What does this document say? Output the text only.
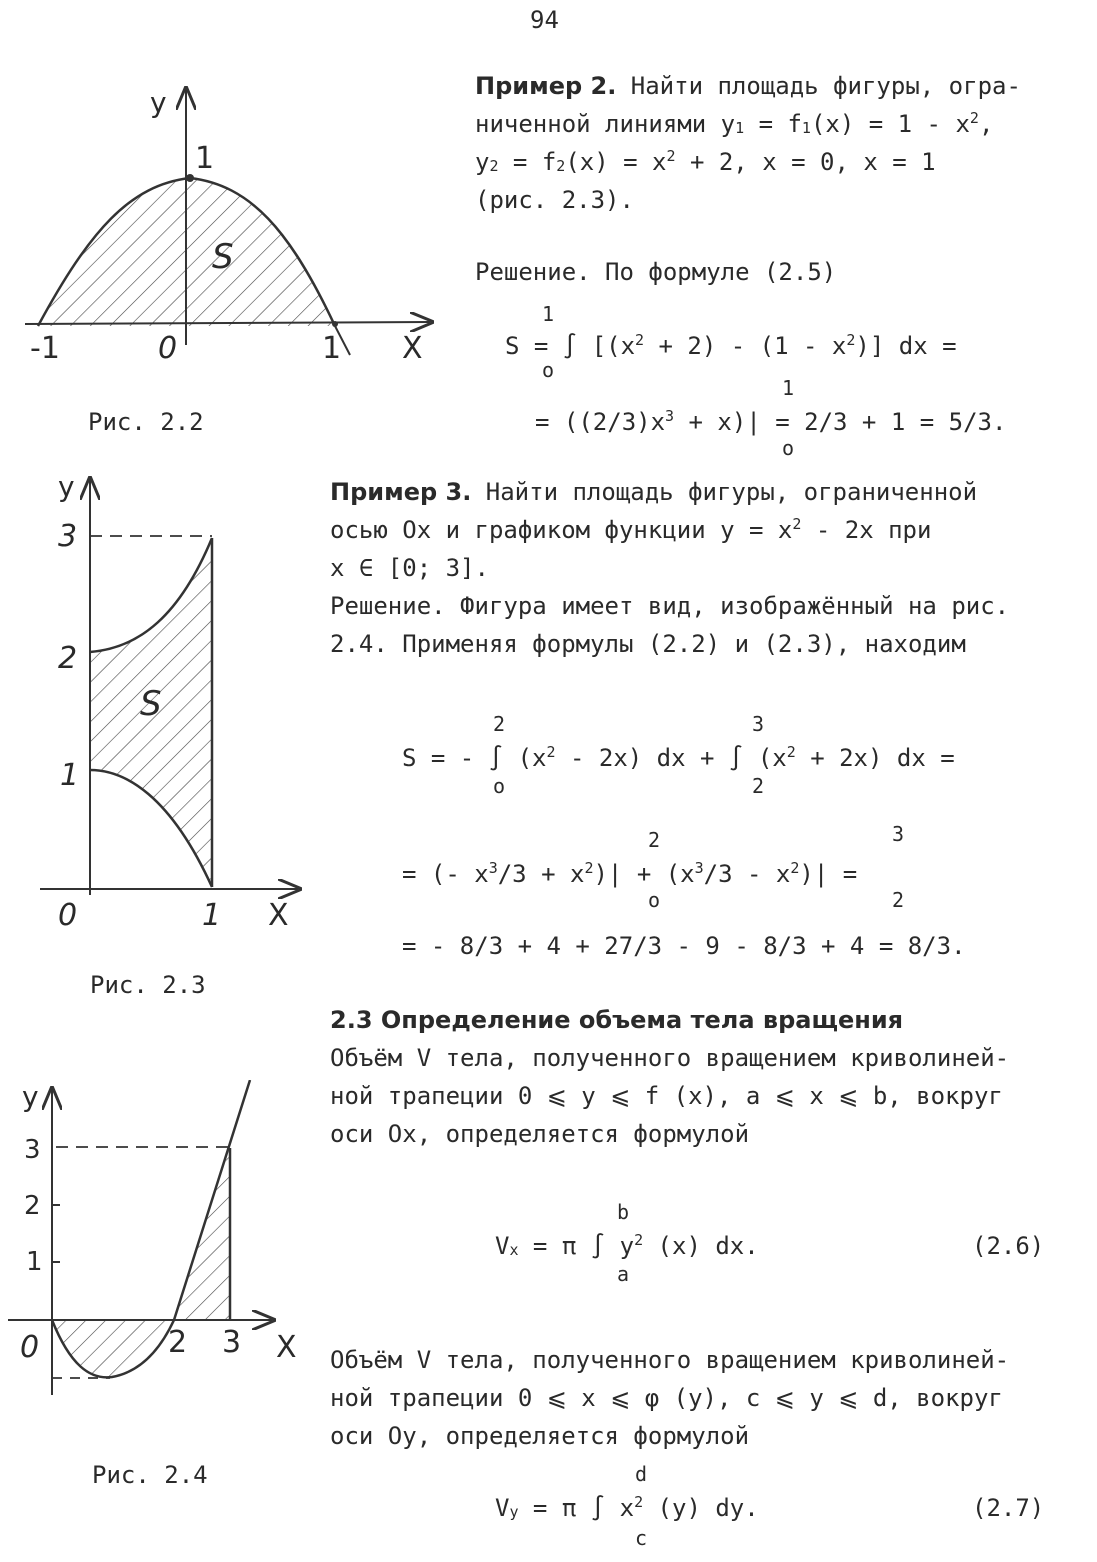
94
y
1
S
-1	0	1 X
Рис. 2.2
y
3
2
1
S
0	1 X
Рис. 2.3
y
3
2
1
0	2 3 X
Рис. 2.4
Пример 2. Найти площадь фигуры, огра-
ниченной линиями $y_1 = f_1(x) = 1 - x^2$,
$y_2 = f_2(x) = x^2 + 2$, x = 0, x = 1
(рис. 2.3).
Решение. По формуле (2.5)
1
S = ∫ $[(x^2 + 2) - (1 - x^2)]$ dx =
o
1
= $((2/3)x^3 + x)| = 2/3 + 1 = 5/3$.
o
Пример 3. Найти площадь фигуры, ограниченной
осью Ox и графиком функции $y = x^2 - 2x$ при
x ∈ [0; 3].
Решение. Фигура имеет вид, изображённый на рис.
2.4. Применяя формулы (2.2) и (2.3), находим
2	3
S = - ∫ $(x^2 - 2x)$ dx + ∫ $(x^2 + 2x)$ dx =
o	2
2	3
= (- $x^3/3 + x^2)| + (x^3/3 - x^2)|$ =
o	2
= - 8/3 + 4 + 27/3 - 9 - 8/3 + 4 = 8/3.
2.3 Определение объема тела вращения
Объём V тела, полученного вращением криволиней-
ной трапеции 0 ⩽ y ⩽ f (x), a ⩽ x ⩽ b, вокруг
оси Ox, определяется формулой
b
$V_x = \pi$ ∫ $y^2$ (x) dx.
a
(2.6)
Объём V тела, полученного вращением криволиней-
ной трапеции 0 ⩽ x ⩽ φ (y), c ⩽ y ⩽ d, вокруг
оси Oy, определяется формулой
d
$V_y = \pi$ ∫ $x^2$ (y) dy.
c
(2.7)
